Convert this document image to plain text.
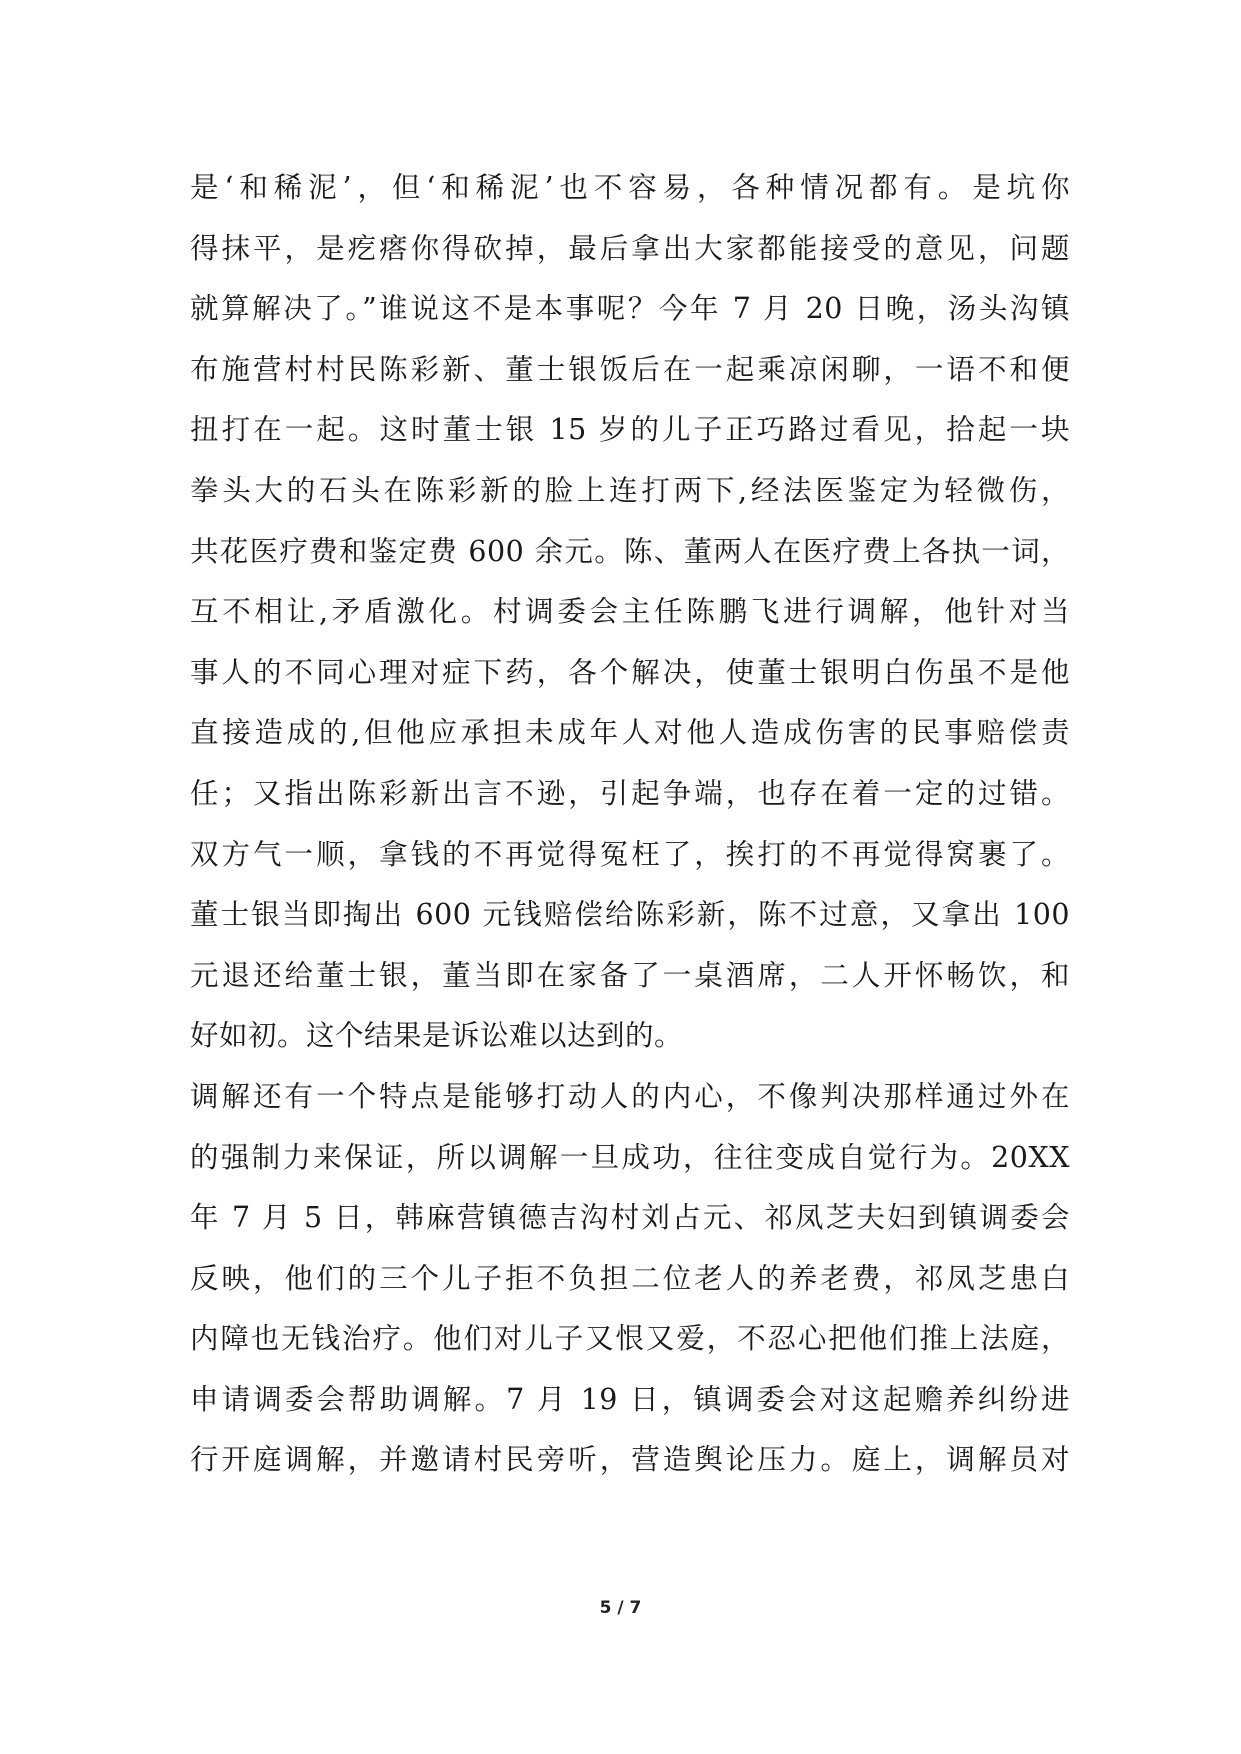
是‘和稀泥’，但‘和稀泥’也不容易，各种情况都有。是坑你
得抹平，是疙瘩你得砍掉，最后拿出大家都能接受的意见，问题
就算解决了。”谁说这不是本事呢？今年 7 月 20 日晚，汤头沟镇
布施营村村民陈彩新、董士银饭后在一起乘凉闲聊，一语不和便
扭打在一起。这时董士银 15 岁的儿子正巧路过看见，拾起一块
拳头大的石头在陈彩新的脸上连打两下,经法医鉴定为轻微伤，
共花医疗费和鉴定费 600 余元。陈、董两人在医疗费上各执一词，
互不相让,矛盾激化。村调委会主任陈鹏飞进行调解，他针对当
事人的不同心理对症下药，各个解决，使董士银明白伤虽不是他
直接造成的,但他应承担未成年人对他人造成伤害的民事赔偿责
任；又指出陈彩新出言不逊，引起争端，也存在着一定的过错。
双方气一顺，拿钱的不再觉得冤枉了，挨打的不再觉得窝裹了。
董士银当即掏出 600 元钱赔偿给陈彩新，陈不过意，又拿出 100
元退还给董士银，董当即在家备了一桌酒席，二人开怀畅饮，和
好如初。这个结果是诉讼难以达到的。
调解还有一个特点是能够打动人的内心，不像判决那样通过外在
的强制力来保证，所以调解一旦成功，往往变成自觉行为。20XX
年 7 月 5 日，韩麻营镇德吉沟村刘占元、祁凤芝夫妇到镇调委会
反映，他们的三个儿子拒不负担二位老人的养老费，祁凤芝患白
内障也无钱治疗。他们对儿子又恨又爱，不忍心把他们推上法庭，
申请调委会帮助调解。7 月 19 日，镇调委会对这起赡养纠纷进
行开庭调解，并邀请村民旁听，营造舆论压力。庭上，调解员对
5 / 7
